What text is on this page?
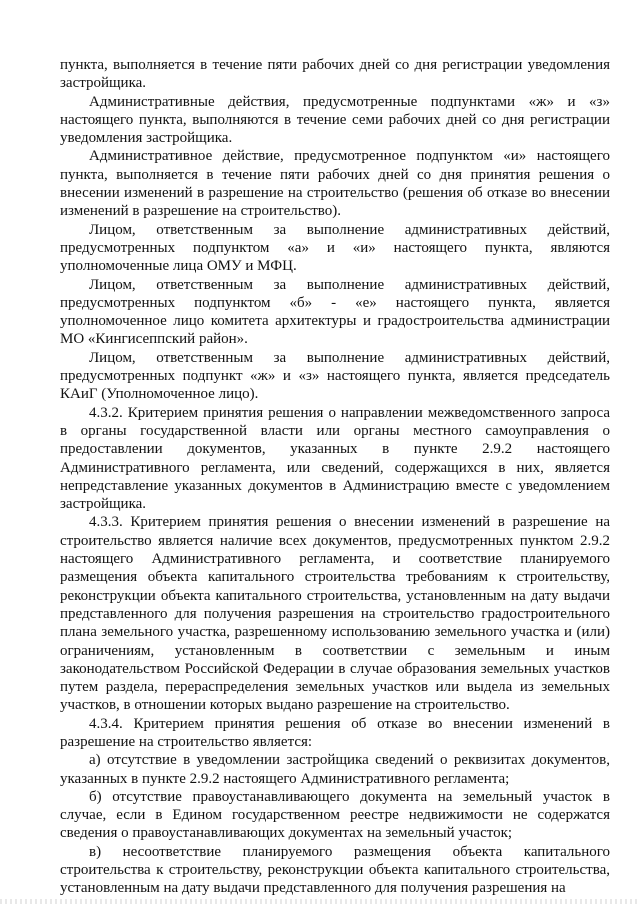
пункта, выполняется в течение пяти рабочих дней со дня регистрации уведомления застройщика.

Административные действия, предусмотренные подпунктами «ж» и «з» настоящего пункта, выполняются в течение семи рабочих дней со дня регистрации уведомления застройщика.

Административное действие, предусмотренное подпунктом «и» настоящего пункта, выполняется в течение пяти рабочих дней со дня принятия решения о внесении изменений в разрешение на строительство (решения об отказе во внесении изменений в разрешение на строительство).

Лицом, ответственным за выполнение административных действий, предусмотренных подпунктом «а» и «и» настоящего пункта, являются уполномоченные лица ОМУ и МФЦ.

Лицом, ответственным за выполнение административных действий, предусмотренных подпунктом «б» - «е» настоящего пункта, является уполномоченное лицо комитета архитектуры и градостроительства администрации МО «Кингисеппский район».

Лицом, ответственным за выполнение административных действий, предусмотренных подпункт «ж» и «з» настоящего пункта, является председатель КАиГ (Уполномоченное лицо).

4.3.2. Критерием принятия решения о направлении межведомственного запроса в органы государственной власти или органы местного самоуправления о предоставлении документов, указанных в пункте 2.9.2 настоящего Административного регламента, или сведений, содержащихся в них, является непредставление указанных документов в Администрацию вместе с уведомлением застройщика.

4.3.3. Критерием принятия решения о внесении изменений в разрешение на строительство является наличие всех документов, предусмотренных пунктом 2.9.2 настоящего Административного регламента, и соответствие планируемого размещения объекта капитального строительства требованиям к строительству, реконструкции объекта капитального строительства, установленным на дату выдачи представленного для получения разрешения на строительство градостроительного плана земельного участка, разрешенному использованию земельного участка и (или) ограничениям, установленным в соответствии с земельным и иным законодательством Российской Федерации в случае образования земельных участков путем раздела, перераспределения земельных участков или выдела из земельных участков, в отношении которых выдано разрешение на строительство.

4.3.4. Критерием принятия решения об отказе во внесении изменений в разрешение на строительство является:

а) отсутствие в уведомлении застройщика сведений о реквизитах документов, указанных в пункте 2.9.2 настоящего Административного регламента;

б) отсутствие правоустанавливающего документа на земельный участок в случае, если в Едином государственном реестре недвижимости не содержатся сведения о правоустанавливающих документах на земельный участок;

в) несоответствие планируемого размещения объекта капитального строительства к строительству, реконструкции объекта капитального строительства, установленным на дату выдачи представленного для получения разрешения на
